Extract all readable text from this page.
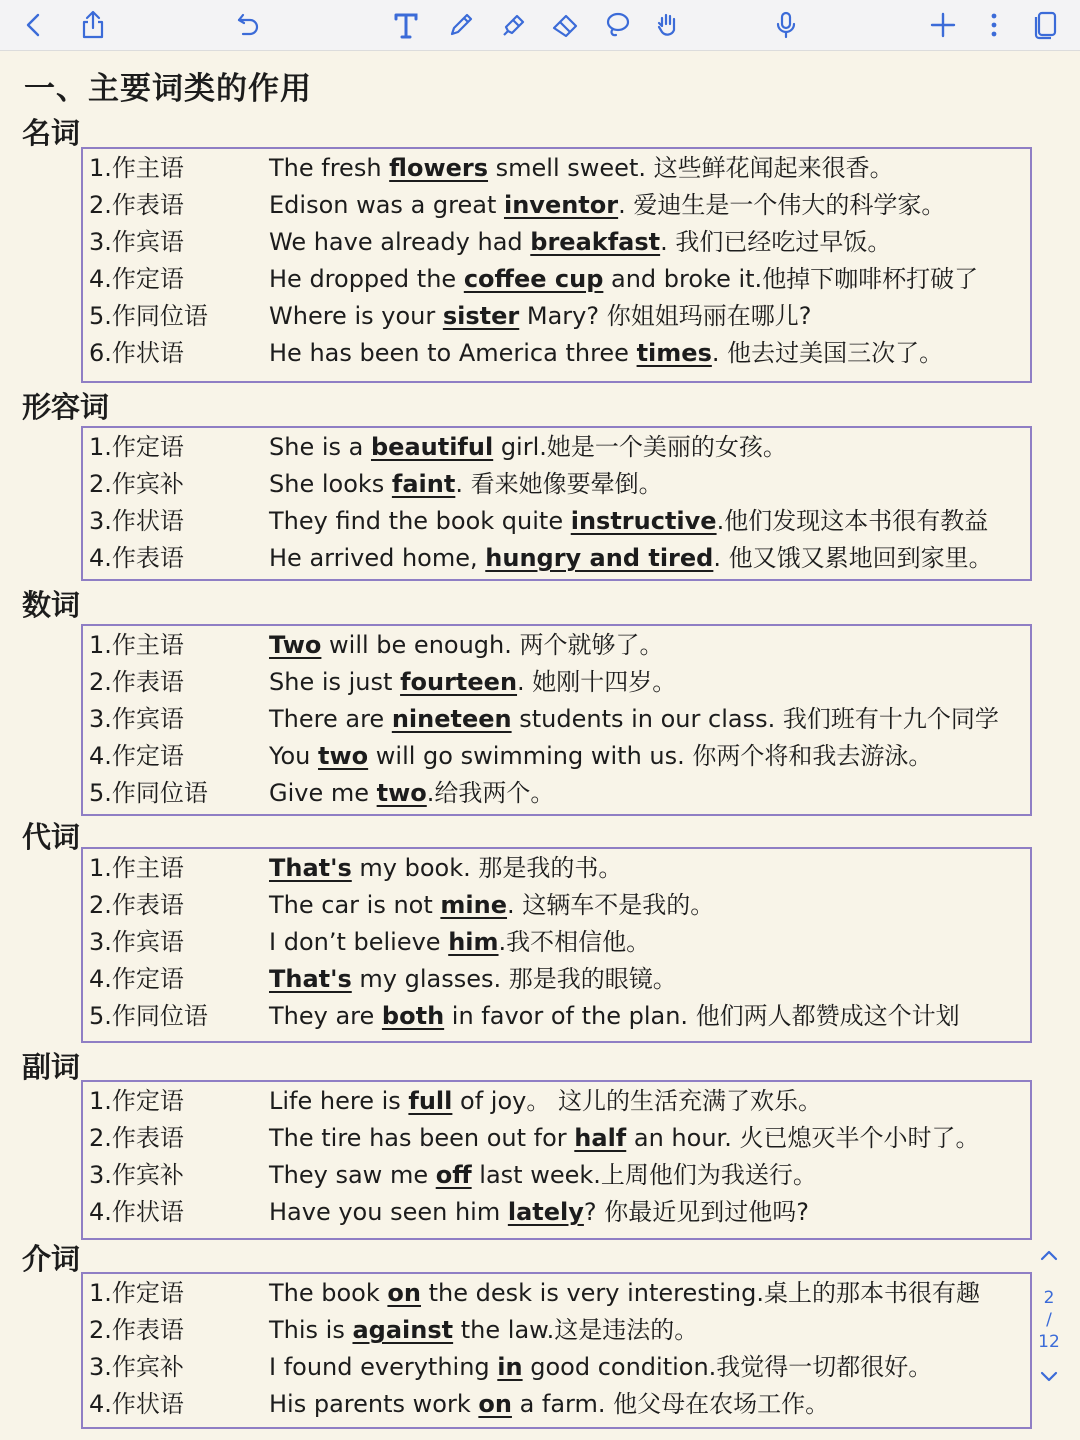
一、主要词类的作用
名词
1.作主语	The fresh flowers smell sweet. 这些鲜花闻起来很香。
2.作表语	Edison was a great inventor. 爱迪生是一个伟大的科学家。
3.作宾语	We have already had breakfast. 我们已经吃过早饭。
4.作定语	He dropped the coffee cup and broke it.他掉下咖啡杯打破了
5.作同位语	Where is your sister Mary? 你姐姐玛丽在哪儿?
6.作状语	He has been to America three times. 他去过美国三次了。
形容词
1.作定语	She is a beautiful girl.她是一个美丽的女孩。
2.作宾补	She looks faint. 看来她像要晕倒。
3.作状语	They find the book quite instructive.他们发现这本书很有教益
4.作表语	He arrived home, hungry and tired. 他又饿又累地回到家里。
数词
1.作主语	Two will be enough. 两个就够了。
2.作表语	She is just fourteen. 她刚十四岁。
3.作宾语	There are nineteen students in our class. 我们班有十九个同学
4.作定语	You two will go swimming with us. 你两个将和我去游泳。
5.作同位语	Give me two.给我两个。
代词
1.作主语	That's my book. 那是我的书。
2.作表语	The car is not mine. 这辆车不是我的。
3.作宾语	I don’t believe him.我不相信他。
4.作定语	That's my glasses. 那是我的眼镜。
5.作同位语	They are both in favor of the plan. 他们两人都赞成这个计划
副词
1.作定语	Life here is full of joy。 这儿的生活充满了欢乐。
2.作表语	The tire has been out for half an hour. 火已熄灭半个小时了。
3.作宾补	They saw me off last week.上周他们为我送行。
4.作状语	Have you seen him lately? 你最近见到过他吗?
介词
1.作定语	The book on the desk is very interesting.桌上的那本书很有趣
2.作表语	This is against the law.这是违法的。
3.作宾补	I found everything in good condition.我觉得一切都很好。
4.作状语	His parents work on a farm. 他父母在农场工作。
2
/
12
